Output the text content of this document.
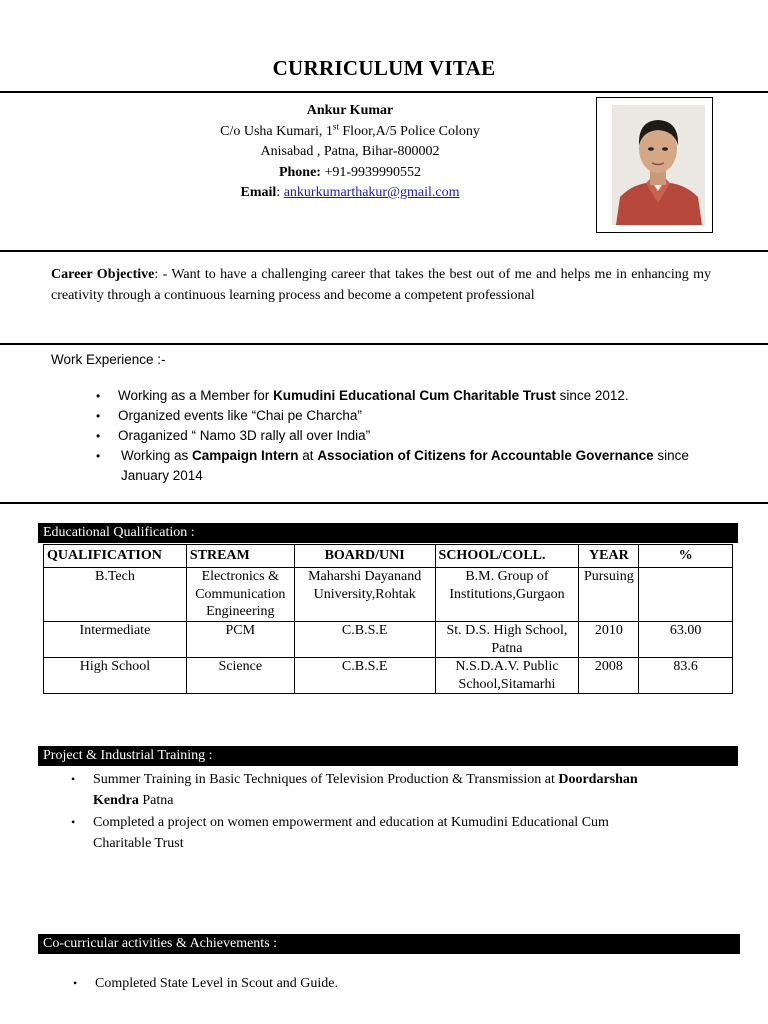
CURRICULUM VITAE
Ankur Kumar
C/o Usha Kumari, 1st Floor,A/5 Police Colony
Anisabad , Patna, Bihar-800002
Phone: +91-9939990552
Email: ankurkumarthakur@gmail.com
Career Objective: - Want to have a challenging career that takes the best out of me and helps me in enhancing my creativity through a continuous learning process and become a competent professional
Work Experience :-
• Working as a Member for Kumudini Educational Cum Charitable Trust since 2012.
• Organized events like “Chai pe Charcha”
• Oraganized “ Namo 3D rally all over India”
• Working as Campaign Intern at Association of Citizens for Accountable Governance since January 2014
Educational Qualification :
QUALIFICATION	STREAM	BOARD/UNI	SCHOOL/COLL.	YEAR	%
B.Tech	Electronics & Communication Engineering	Maharshi Dayanand University,Rohtak	B.M. Group of Institutions,Gurgaon	Pursuing	
Intermediate	PCM	C.B.S.E	St. D.S. High School, Patna	2010	63.00
High School	Science	C.B.S.E	N.S.D.A.V. Public School,Sitamarhi	2008	83.6
Project & Industrial Training :
• Summer Training in Basic Techniques of Television Production & Transmission at Doordarshan Kendra Patna
• Completed a project on women empowerment and education at Kumudini Educational Cum Charitable Trust
Co-curricular activities & Achievements :
• Completed State Level in Scout and Guide.
